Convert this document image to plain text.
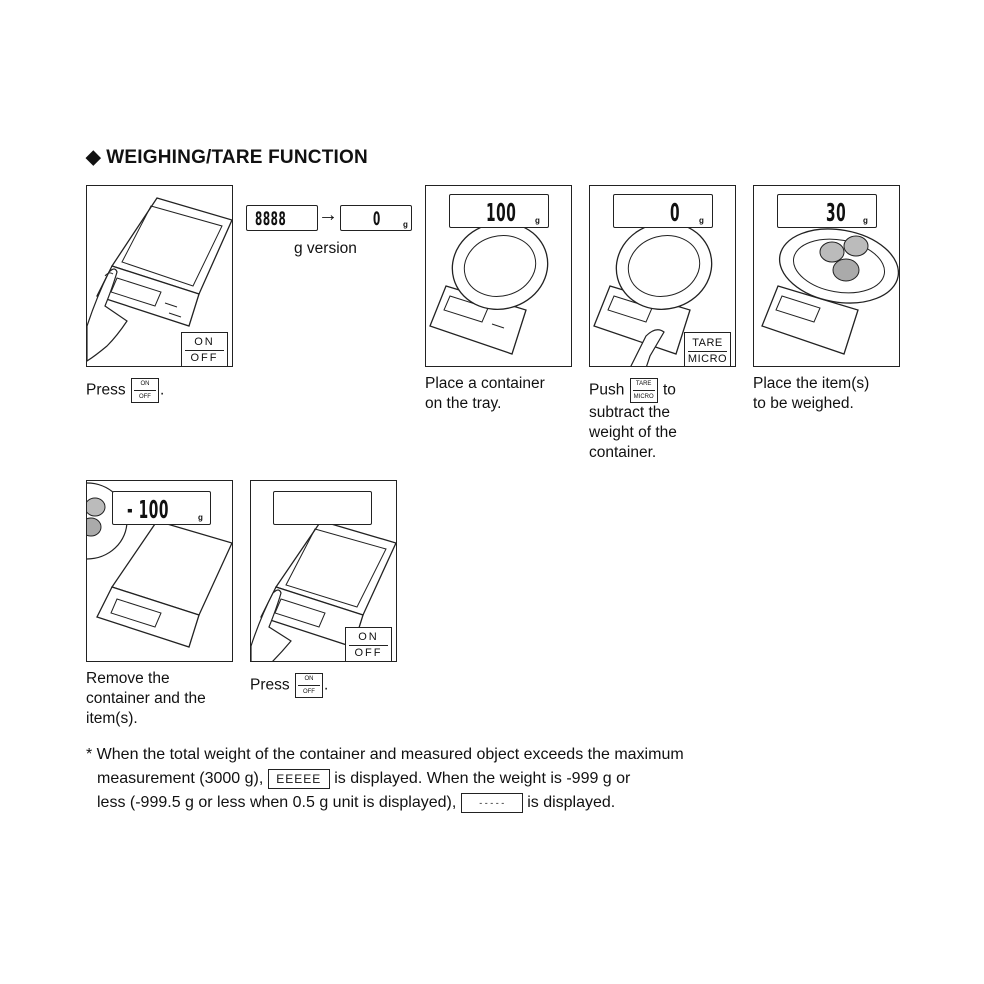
◆ WEIGHING/TARE FUNCTION
ON
OFF
Press ON
OFF .
8888 → 0	g
g version
100 g
Place a container
on the tray.
0 g
TARE
MICRO
Push TARE
MICRO to
subtract the
weight of the
container.
30 g
Place the item(s)
to be weighed.
- 100	g
Remove the
container and the
item(s).
ON
OFF
Press ON
OFF .
* When the total weight of the container and measured object exceeds the maximum
measurement (3000 g), EEEEE is displayed. When the weight is -999 g or
less (-999.5 g or less when 0.5 g unit is displayed),	- - - - - is displayed.
